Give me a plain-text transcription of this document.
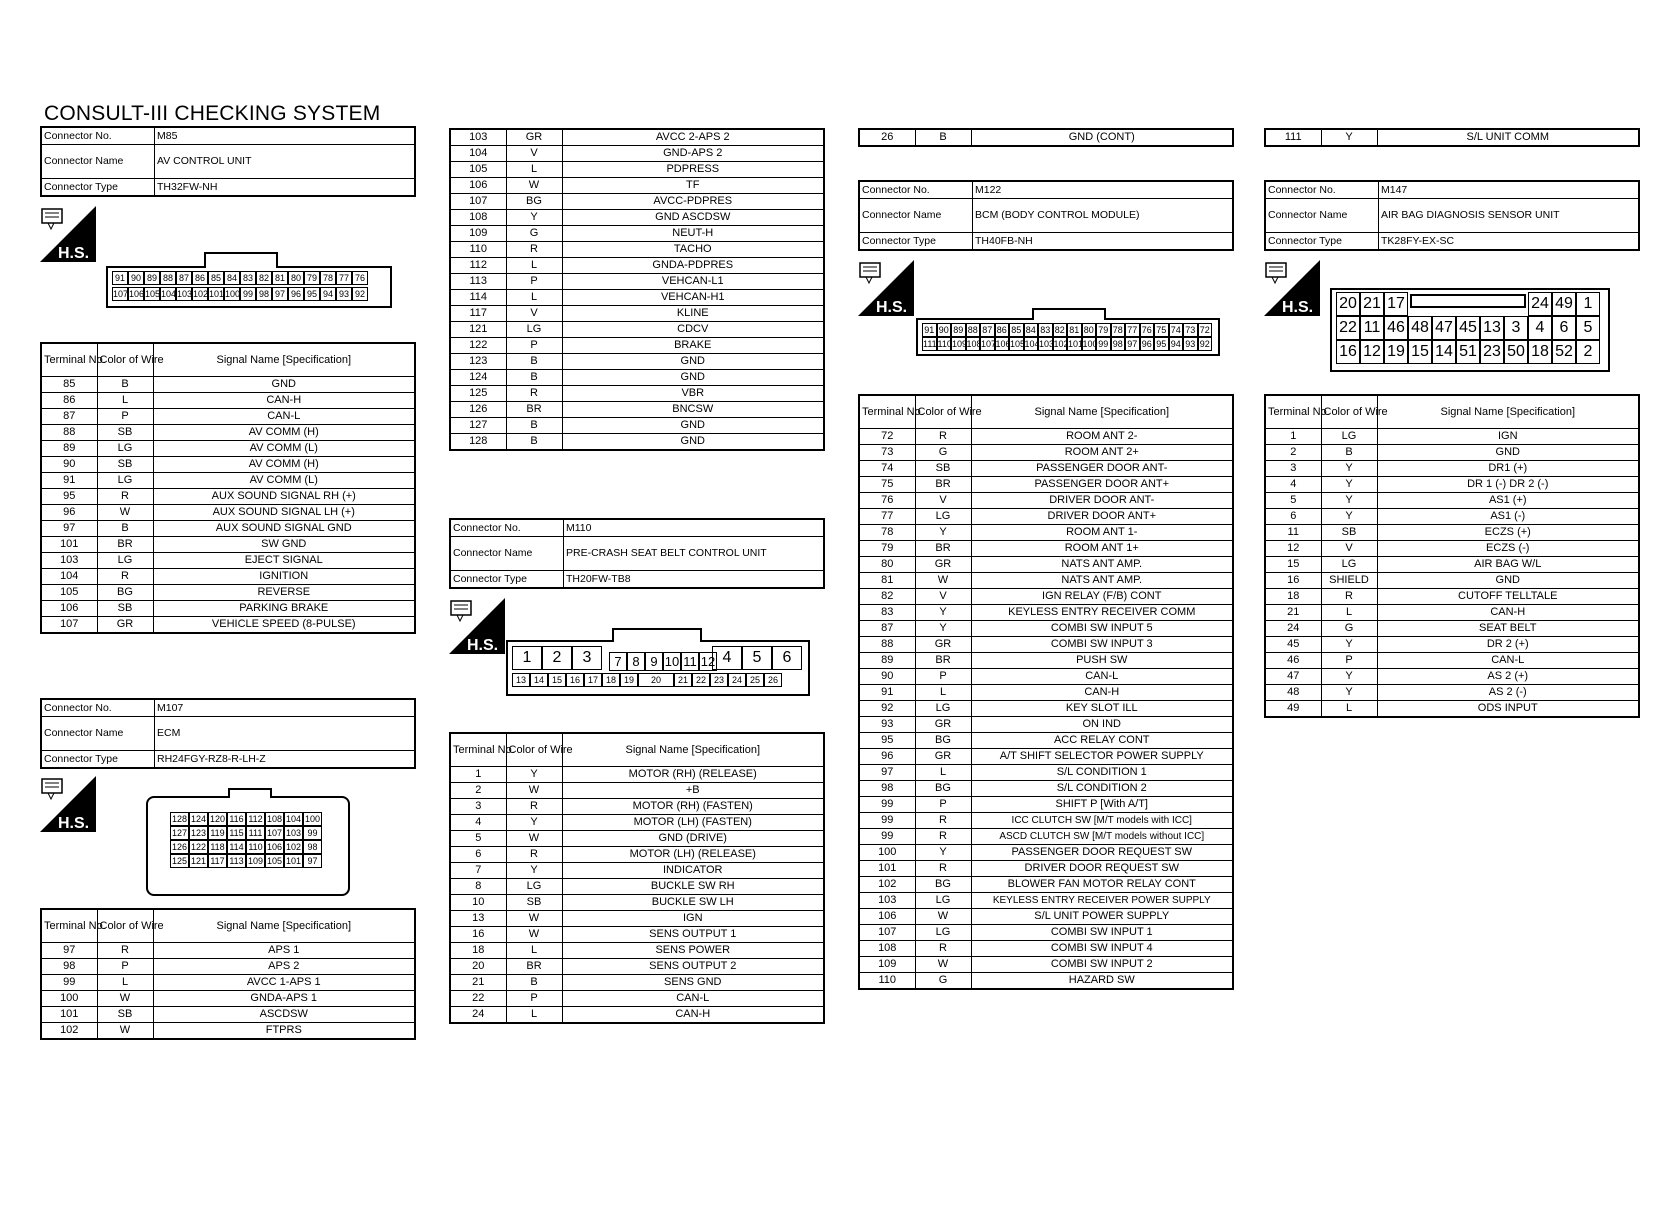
CONSULT-III CHECKING SYSTEM
Connector No.	M85
Connector Name	AV CONTROL UNIT
Connector Type	TH32FW-NH
H.S.
91 90 89 88 87 86 85 84 83 82 81 80 79 78 77 76
107 106 105 104 103 102 101 100 99 98 97 96 95 94 93 92
Terminal No.	Color of Wire	Signal Name [Specification]
85	B	GND
86	L	CAN-H
87	P	CAN-L
88	SB	AV COMM (H)
89	LG	AV COMM (L)
90	SB	AV COMM (H)
91	LG	AV COMM (L)
95	R	AUX SOUND SIGNAL RH (+)
96	W	AUX SOUND SIGNAL LH (+)
97	B	AUX SOUND SIGNAL GND
101	BR	SW GND
103	LG	EJECT SIGNAL
104	R	IGNITION
105	BG	REVERSE
106	SB	PARKING BRAKE
107	GR	VEHICLE SPEED (8-PULSE)
Connector No.	M107
Connector Name	ECM
Connector Type	RH24FGY-RZ8-R-LH-Z
H.S.	128 124 120 116 112 108 104 100
127 123 119 115 111 107 103 99
126 122 118 114 110 106 102 98
125 121 117 113 109 105 101 97
Terminal No.	Color of Wire	Signal Name [Specification]
97	R	APS 1
98	P	APS 2
99	L	AVCC 1-APS 1
100	W	GNDA-APS 1
101	SB	ASCDSW
102	W	FTPRS
103	GR	AVCC 2-APS 2
104	V	GND-APS 2
105	L	PDPRESS
106	W	TF
107	BG	AVCC-PDPRES
108	Y	GND ASCDSW
109	G	NEUT-H
110	R	TACHO
112	L	GNDA-PDPRES
113	P	VEHCAN-L1
114	L	VEHCAN-H1
117	V	KLINE
121	LG	CDCV
122	P	BRAKE
123	B	GND
124	B	GND
125	R	VBR
126	BR	BNCSW
127	B	GND
128	B	GND
Connector No.	M110
Connector Name	PRE-CRASH SEAT BELT CONTROL UNIT
Connector Type	TH20FW-TB8
H.S.
1	2	3	7 8 9 10 11 12 4	5	6
13 14 15 16 17 18 19	20	21 22 23 24 25 26
Terminal No.	Color of Wire	Signal Name [Specification]
1	Y	MOTOR (RH) (RELEASE)
2	W	+B
3	R	MOTOR (RH) (FASTEN)
4	Y	MOTOR (LH) (FASTEN)
5	W	GND (DRIVE)
6	R	MOTOR (LH) (RELEASE)
7	Y	INDICATOR
8	LG	BUCKLE SW RH
10	SB	BUCKLE SW LH
13	W	IGN
16	W	SENS OUTPUT 1
18	L	SENS POWER
20	BR	SENS OUTPUT 2
21	B	SENS GND
22	P	CAN-L
24	L	CAN-H
26	B	GND (CONT)
Connector No.	M122
Connector Name	BCM (BODY CONTROL MODULE)
Connector Type	TH40FB-NH
H.S.
91 90 89 88 87 86 85 84 83 82 81 80 79 78 77 76 75 74 73 72
111 110 109 108 107 106 105 104 103 102 101 100 99 98 97 96 95 94 93 92
Terminal No.	Color of Wire	Signal Name [Specification]
72	R	ROOM ANT 2-
73	G	ROOM ANT 2+
74	SB	PASSENGER DOOR ANT-
75	BR	PASSENGER DOOR ANT+
76	V	DRIVER DOOR ANT-
77	LG	DRIVER DOOR ANT+
78	Y	ROOM ANT 1-
79	BR	ROOM ANT 1+
80	GR	NATS ANT AMP.
81	W	NATS ANT AMP.
82	V	IGN RELAY (F/B) CONT
83	Y	KEYLESS ENTRY RECEIVER COMM
87	Y	COMBI SW INPUT 5
88	GR	COMBI SW INPUT 3
89	BR	PUSH SW
90	P	CAN-L
91	L	CAN-H
92	LG	KEY SLOT ILL
93	GR	ON IND
95	BG	ACC RELAY CONT
96	GR	A/T SHIFT SELECTOR POWER SUPPLY
97	L	S/L CONDITION 1
98	BG	S/L CONDITION 2
99	P	SHIFT P [With A/T]
99	R	ICC CLUTCH SW [M/T models with ICC]
99	R	ASCD CLUTCH SW [M/T models without ICC]
100	Y	PASSENGER DOOR REQUEST SW
101	R	DRIVER DOOR REQUEST SW
102	BG	BLOWER FAN MOTOR RELAY CONT
103	LG	KEYLESS ENTRY RECEIVER POWER SUPPLY
106	W	S/L UNIT POWER SUPPLY
107	LG	COMBI SW INPUT 1
108	R	COMBI SW INPUT 4
109	W	COMBI SW INPUT 2
110	G	HAZARD SW
111	Y	S/L UNIT COMM
Connector No.	M147
Connector Name	AIR BAG DIAGNOSIS SENSOR UNIT
Connector Type	TK28FY-EX-SC
H.S. 20 21 17	24 49 1
22 11 46 48 47 45 13 3 4 6 5
16 12 19 15 14 51 23 50 18 52 2
Terminal No.	Color of Wire	Signal Name [Specification]
1	LG	IGN
2	B	GND
3	Y	DR1 (+)
4	Y	DR 1 (-) DR 2 (-)
5	Y	AS1 (+)
6	Y	AS1 (-)
11	SB	ECZS (+)
12	V	ECZS (-)
15	LG	AIR BAG W/L
16	SHIELD	GND
18	R	CUTOFF TELLTALE
21	L	CAN-H
24	G	SEAT BELT
45	Y	DR 2 (+)
46	P	CAN-L
47	Y	AS 2 (+)
48	Y	AS 2 (-)
49	L	ODS INPUT
